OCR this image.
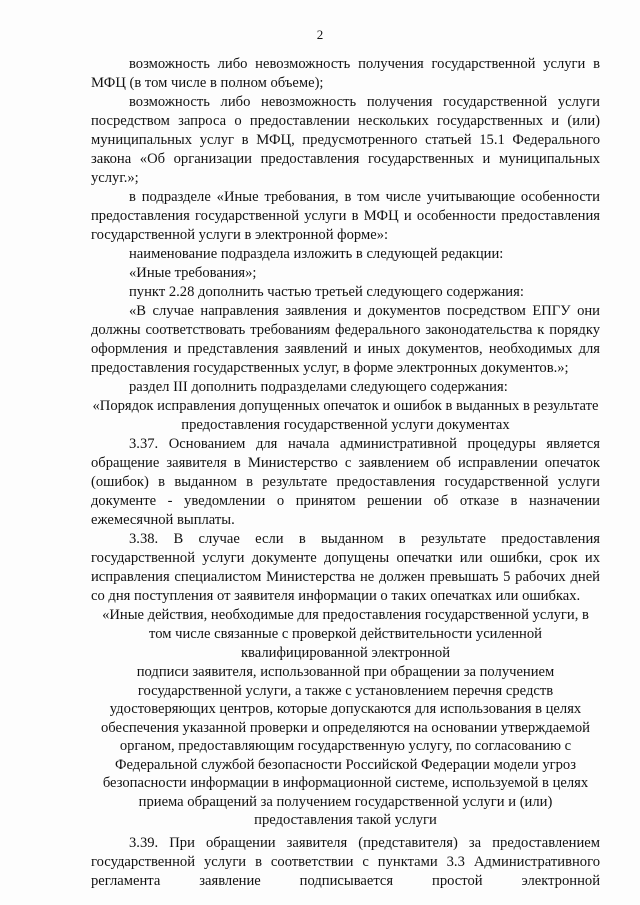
2

возможность либо невозможность получения государственной услуги в МФЦ (в том числе в полном объеме);

возможность либо невозможность получения государственной услуги посредством запроса о предоставлении нескольких государственных и (или) муниципальных услуг в МФЦ, предусмотренного статьей 15.1 Федерального закона «Об организации предоставления государственных и муниципальных услуг.»;

в подразделе «Иные требования, в том числе учитывающие особенности предоставления государственной услуги в МФЦ и особенности предоставления государственной услуги в электронной форме»:

наименование подраздела изложить в следующей редакции:

«Иные требования»;

пункт 2.28 дополнить частью третьей следующего содержания:

«В случае направления заявления и документов посредством ЕПГУ они должны соответствовать требованиям федерального законодательства к порядку оформления и представления заявлений и иных документов, необходимых для предоставления государственных услуг, в форме электронных документов.»;

раздел III дополнить подразделами следующего содержания:

«Порядок исправления допущенных опечаток и ошибок в выданных в результате предоставления государственной услуги документах

3.37. Основанием для начала административной процедуры является обращение заявителя в Министерство с заявлением об исправлении опечаток (ошибок) в выданном в результате предоставления государственной услуги документе - уведомлении о принятом решении об отказе в назначении ежемесячной выплаты.

3.38. В случае если в выданном в результате предоставления государственной услуги документе допущены опечатки или ошибки, срок их исправления специалистом Министерства не должен превышать 5 рабочих дней со дня поступления от заявителя информации о таких опечатках или ошибках.

«Иные действия, необходимые для предоставления государственной услуги, в том числе связанные с проверкой действительности усиленной квалифицированной электронной

подписи заявителя, использованной при обращении за получением государственной услуги, а также с установлением перечня средств удостоверяющих центров, которые допускаются для использования в целях обеспечения указанной проверки и определяются на основании утверждаемой органом, предоставляющим государственную услугу, по согласованию с Федеральной службой безопасности Российской Федерации модели угроз безопасности информации в информационной системе, используемой в целях приема обращений за получением государственной услуги и (или) предоставления такой услуги

3.39. При обращении заявителя (представителя) за предоставлением государственной услуги в соответствии с пунктами 3.3 Административного регламента заявление подписывается простой электронной
